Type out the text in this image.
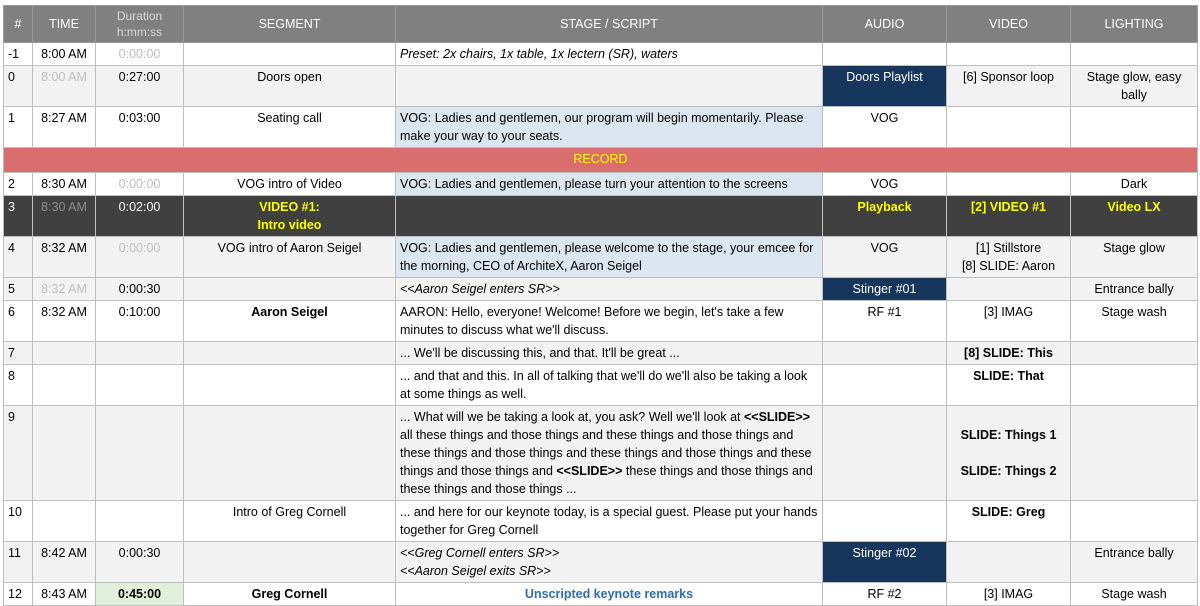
#	TIME	Duration
h:mm:ss	SEGMENT	STAGE / SCRIPT	AUDIO	VIDEO	LIGHTING
-1	8:00 AM	0:00:00		Preset: 2x chairs, 1x table, 1x lectern (SR), waters			
0	8:00 AM	0:27:00	Doors open		Doors Playlist	[6] Sponsor loop	Stage glow, easy bally
1	8:27 AM	0:03:00	Seating call	VOG: Ladies and gentlemen, our program will begin momentarily. Please make your way to your seats.	VOG		
RECORD							
2	8:30 AM	0:00:00	VOG intro of Video	VOG: Ladies and gentlemen, please turn your attention to the screens	VOG		Dark
3	8:30 AM	0:02:00	VIDEO #1:
Intro video		Playback	[2] VIDEO #1	Video LX
4	8:32 AM	0:00:00	VOG intro of Aaron Seigel	VOG: Ladies and gentlemen, please welcome to the stage, your emcee for the morning, CEO of ArchiteX, Aaron Seigel	VOG	[1] Stillstore
[8] SLIDE: Aaron	Stage glow
5	8:32 AM	0:00:30		<<Aaron Seigel enters SR>>	Stinger #01		Entrance bally
6	8:32 AM	0:10:00	Aaron Seigel	AARON: Hello, everyone! Welcome! Before we begin, let's take a few minutes to discuss what we'll discuss.	RF #1	[3] IMAG	Stage wash
7				... We'll be discussing this, and that. It'll be great ...		[8] SLIDE: This	
8				... and that and this. In all of talking that we'll do we'll also be taking a look at some things as well.		SLIDE: That	
9				... What will we be taking a look at, you ask? Well we'll look at <<SLIDE>> all these things and those things and these things and those things and these things and those things and these things and those things and these things and those things and <<SLIDE>> these things and those things and these things and those things ...		SLIDE: Things 1
SLIDE: Things 2	
10			Intro of Greg Cornell	... and here for our keynote today, is a special guest. Please put your hands together for Greg Cornell		SLIDE: Greg	
11	8:42 AM	0:00:30		<<Greg Cornell enters SR>>
<<Aaron Seigel exits SR>>	Stinger #02		Entrance bally
12	8:43 AM	0:45:00	Greg Cornell	Unscripted keynote remarks	RF #2	[3] IMAG	Stage wash
